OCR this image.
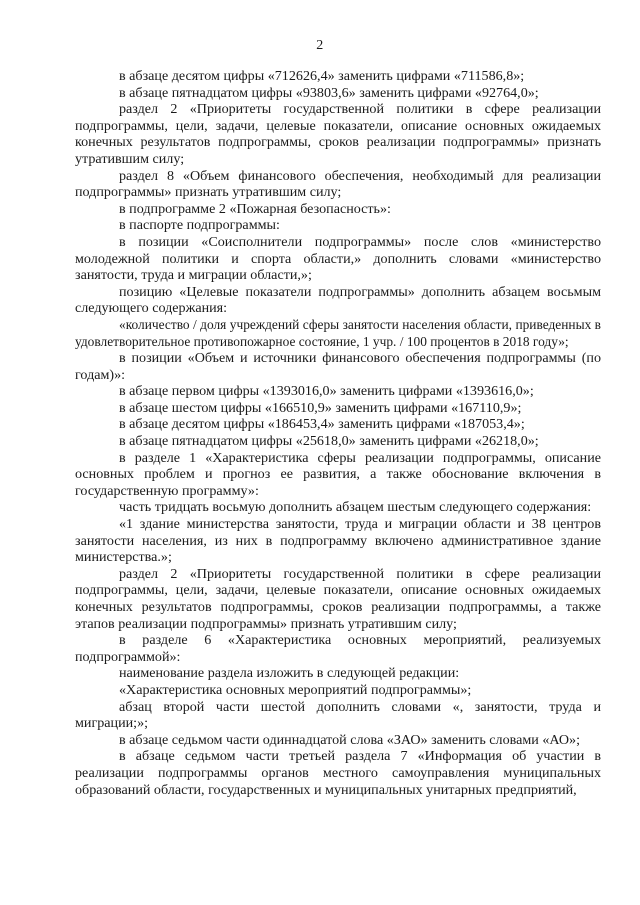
2

в абзаце десятом цифры «712626,4» заменить цифрами «711586,8»;

в абзаце пятнадцатом цифры «93803,6» заменить цифрами «92764,0»;

раздел 2 «Приоритеты государственной политики в сфере реализации подпрограммы, цели, задачи, целевые показатели, описание основных ожидаемых конечных результатов подпрограммы, сроков реализации подпрограммы» признать утратившим силу;

раздел 8 «Объем финансового обеспечения, необходимый для реализации подпрограммы» признать утратившим силу;

в подпрограмме 2 «Пожарная безопасность»:

в паспорте подпрограммы:

в позиции «Соисполнители подпрограммы» после слов «министерство молодежной политики и спорта области,» дополнить словами «министерство занятости, труда и миграции области,»;

позицию «Целевые показатели подпрограммы» дополнить абзацем восьмым следующего содержания:

«количество / доля учреждений сферы занятости населения области, приведенных в удовлетворительное противопожарное состояние, 1 учр. / 100 процентов в 2018 году»;

в позиции «Объем и источники финансового обеспечения подпрограммы (по годам)»:

в абзаце первом цифры «1393016,0» заменить цифрами «1393616,0»;

в абзаце шестом цифры «166510,9» заменить цифрами «167110,9»;

в абзаце десятом цифры «186453,4» заменить цифрами «187053,4»;

в абзаце пятнадцатом цифры «25618,0» заменить цифрами «26218,0»;

в разделе 1 «Характеристика сферы реализации подпрограммы, описание основных проблем и прогноз ее развития, а также обоснование включения в государственную программу»:

часть тридцать восьмую дополнить абзацем шестым следующего содержания:

«1 здание министерства занятости, труда и миграции области и 38 центров занятости населения, из них в подпрограмму включено административное здание министерства.»;

раздел 2 «Приоритеты государственной политики в сфере реализации подпрограммы, цели, задачи, целевые показатели, описание основных ожидаемых конечных результатов подпрограммы, сроков реализации подпрограммы, а также этапов реализации подпрограммы» признать утратившим силу;

в разделе 6 «Характеристика основных мероприятий, реализуемых подпрограммой»:

наименование раздела изложить в следующей редакции:

«Характеристика основных мероприятий подпрограммы»;

абзац второй части шестой дополнить словами «, занятости, труда и миграции;»;

в абзаце седьмом части одиннадцатой слова «ЗАО» заменить словами «АО»;

в абзаце седьмом части третьей раздела 7 «Информация об участии в реализации подпрограммы органов местного самоуправления муниципальных образований области, государственных и муниципальных унитарных предприятий,
